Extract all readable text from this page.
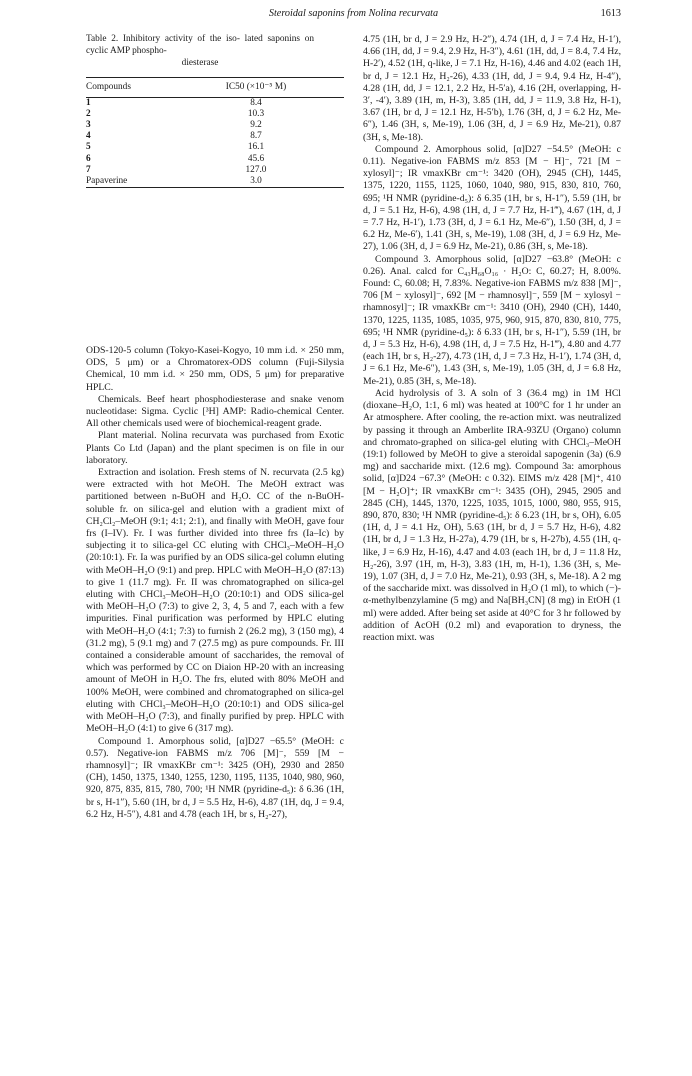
Steroidal saponins from Nolina recurvata	1613
Table 2. Inhibitory activity of the iso- lated saponins on cyclic AMP phospho-
diesterase
Compounds	IC50 (×10⁻⁵ M)
1	8.4
2	10.3
3	9.2
4	8.7
5	16.1
6	45.6
7	127.0
Papaverine	3.0

ODS-120-5 column (Tokyo-Kasei-Kogyo, 10 mm i.d. × 250 mm, ODS, 5 μm) or a Chromatorex-ODS column (Fuji-Silysia Chemical, 10 mm i.d. × 250 mm, ODS, 5 μm) for preparative HPLC.

Chemicals. Beef heart phosphodiesterase and snake venom nucleotidase: Sigma. Cyclic [³H] AMP: Radio-chemical Center. All other chemicals used were of biochemical-reagent grade.

Plant material. Nolina recurvata was purchased from Exotic Plants Co Ltd (Japan) and the plant specimen is on file in our laboratory.

Extraction and isolation. Fresh stems of N. recurvata (2.5 kg) were extracted with hot MeOH. The MeOH extract was partitioned between n-BuOH and H₂O. CC of the n-BuOH-soluble fr. on silica-gel and elution with a gradient mixt of CH₂Cl₂–MeOH (9:1; 4:1; 2:1), and finally with MeOH, gave four frs (I–IV). Fr. I was further divided into three frs (Ia–Ic) by subjecting it to silica-gel CC eluting with CHCl₃–MeOH–H₂O (20:10:1). Fr. Ia was purified by an ODS silica-gel column eluting with MeOH–H₂O (9:1) and prep. HPLC with MeOH–H₂O (87:13) to give 1 (11.7 mg). Fr. II was chromatographed on silica-gel eluting with CHCl₃–MeOH–H₂O (20:10:1) and ODS silica-gel with MeOH–H₂O (7:3) to give 2, 3, 4, 5 and 7, each with a few impurities. Final purification was performed by HPLC eluting with MeOH–H₂O (4:1; 7:3) to furnish 2 (26.2 mg), 3 (150 mg), 4 (31.2 mg), 5 (9.1 mg) and 7 (27.5 mg) as pure compounds. Fr. III contained a considerable amount of saccharides, the removal of which was performed by CC on Diaion HP-20 with an increasing amount of MeOH in H₂O. The frs, eluted with 80% MeOH and 100% MeOH, were combined and chromatographed on silica-gel eluting with CHCl₃–MeOH–H₂O (20:10:1) and ODS silica-gel with MeOH–H₂O (7:3), and finally purified by prep. HPLC with MeOH–H₂O (4:1) to give 6 (317 mg).

Compound 1. Amorphous solid, [α]D27 −65.5° (MeOH: c 0.57). Negative-ion FABMS m/z 706 [M]⁻, 559 [M − rhamnosyl]⁻; IR νmaxKBr cm⁻¹: 3425 (OH), 2930 and 2850 (CH), 1450, 1375, 1340, 1255, 1230, 1195, 1135, 1040, 980, 960, 920, 875, 835, 815, 780, 700; ¹H NMR (pyridine-d₅): δ 6.36 (1H, br s, H-1″), 5.60 (1H, br d, J = 5.5 Hz, H-6), 4.87 (1H, dq, J = 9.4, 6.2 Hz, H-5″), 4.81 and 4.78 (each 1H, br s, H₂-27),

4.75 (1H, br d, J = 2.9 Hz, H-2″), 4.74 (1H, d, J = 7.4 Hz, H-1′), 4.66 (1H, dd, J = 9.4, 2.9 Hz, H-3″), 4.61 (1H, dd, J = 8.4, 7.4 Hz, H-2′), 4.52 (1H, q-like, J = 7.1 Hz, H-16), 4.46 and 4.02 (each 1H, br d, J = 12.1 Hz, H₂-26), 4.33 (1H, dd, J = 9.4, 9.4 Hz, H-4″), 4.28 (1H, dd, J = 12.1, 2.2 Hz, H-5′a), 4.16 (2H, overlapping, H-3′, -4′), 3.89 (1H, m, H-3), 3.85 (1H, dd, J = 11.9, 3.8 Hz, H-1), 3.67 (1H, br d, J = 12.1 Hz, H-5′b), 1.76 (3H, d, J = 6.2 Hz, Me-6″), 1.46 (3H, s, Me-19), 1.06 (3H, d, J = 6.9 Hz, Me-21), 0.87 (3H, s, Me-18).

Compound 2. Amorphous solid, [α]D27 −54.5° (MeOH: c 0.11). Negative-ion FABMS m/z 853 [M − H]⁻, 721 [M − xylosyl]⁻; IR νmaxKBr cm⁻¹: 3420 (OH), 2945 (CH), 1445, 1375, 1220, 1155, 1125, 1060, 1040, 980, 915, 830, 810, 760, 695; ¹H NMR (pyridine-d₅): δ 6.35 (1H, br s, H-1″), 5.59 (1H, br d, J = 5.1 Hz, H-6), 4.98 (1H, d, J = 7.7 Hz, H-1‴), 4.67 (1H, d, J = 7.7 Hz, H-1′), 1.73 (3H, d, J = 6.1 Hz, Me-6″), 1.50 (3H, d, J = 6.2 Hz, Me-6′), 1.41 (3H, s, Me-19), 1.08 (3H, d, J = 6.9 Hz, Me-27), 1.06 (3H, d, J = 6.9 Hz, Me-21), 0.86 (3H, s, Me-18).

Compound 3. Amorphous solid, [α]D27 −63.8° (MeOH: c 0.26). Anal. calcd for C₄₃H₆₈O₁₆ · H₂O: C, 60.27; H, 8.00%. Found: C, 60.08; H, 7.83%. Negative-ion FABMS m/z 838 [M]⁻, 706 [M − xylosyl]⁻, 692 [M − rhamnosyl]⁻, 559 [M − xylosyl − rhamnosyl]⁻; IR νmaxKBr cm⁻¹: 3410 (OH), 2940 (CH), 1440, 1370, 1225, 1135, 1085, 1035, 975, 960, 915, 870, 830, 810, 775, 695; ¹H NMR (pyridine-d₅): δ 6.33 (1H, br s, H-1″), 5.59 (1H, br d, J = 5.3 Hz, H-6), 4.98 (1H, d, J = 7.5 Hz, H-1‴), 4.80 and 4.77 (each 1H, br s, H₂-27), 4.73 (1H, d, J = 7.3 Hz, H-1′), 1.74 (3H, d, J = 6.1 Hz, Me-6″), 1.43 (3H, s, Me-19), 1.05 (3H, d, J = 6.8 Hz, Me-21), 0.85 (3H, s, Me-18).

Acid hydrolysis of 3. A soln of 3 (36.4 mg) in 1M HCl (dioxane–H₂O, 1:1, 6 ml) was heated at 100°C for 1 hr under an Ar atmosphere. After cooling, the re-action mixt. was neutralized by passing it through an Amberlite IRA-93ZU (Organo) column and chromato-graphed on silica-gel eluting with CHCl₃–MeOH (19:1) followed by MeOH to give a steroidal sapogenin (3a) (6.9 mg) and saccharide mixt. (12.6 mg). Compound 3a: amorphous solid, [α]D24 −67.3° (MeOH: c 0.32). EIMS m/z 428 [M]⁺, 410 [M − H₂O]⁺; IR νmaxKBr cm⁻¹: 3435 (OH), 2945, 2905 and 2845 (CH), 1445, 1370, 1225, 1035, 1015, 1000, 980, 955, 915, 890, 870, 830; ¹H NMR (pyridine-d₅): δ 6.23 (1H, br s, OH), 6.05 (1H, d, J = 4.1 Hz, OH), 5.63 (1H, br d, J = 5.7 Hz, H-6), 4.82 (1H, br d, J = 1.3 Hz, H-27a), 4.79 (1H, br s, H-27b), 4.55 (1H, q-like, J = 6.9 Hz, H-16), 4.47 and 4.03 (each 1H, br d, J = 11.8 Hz, H₂-26), 3.97 (1H, m, H-3), 3.83 (1H, m, H-1), 1.36 (3H, s, Me-19), 1.07 (3H, d, J = 7.0 Hz, Me-21), 0.93 (3H, s, Me-18). A 2 mg of the saccharide mixt. was dissolved in H₂O (1 ml), to which (−)-α-methylbenzylamine (5 mg) and Na[BH₃CN] (8 mg) in EtOH (1 ml) were added. After being set aside at 40°C for 3 hr followed by addition of AcOH (0.2 ml) and evaporation to dryness, the reaction mixt. was
